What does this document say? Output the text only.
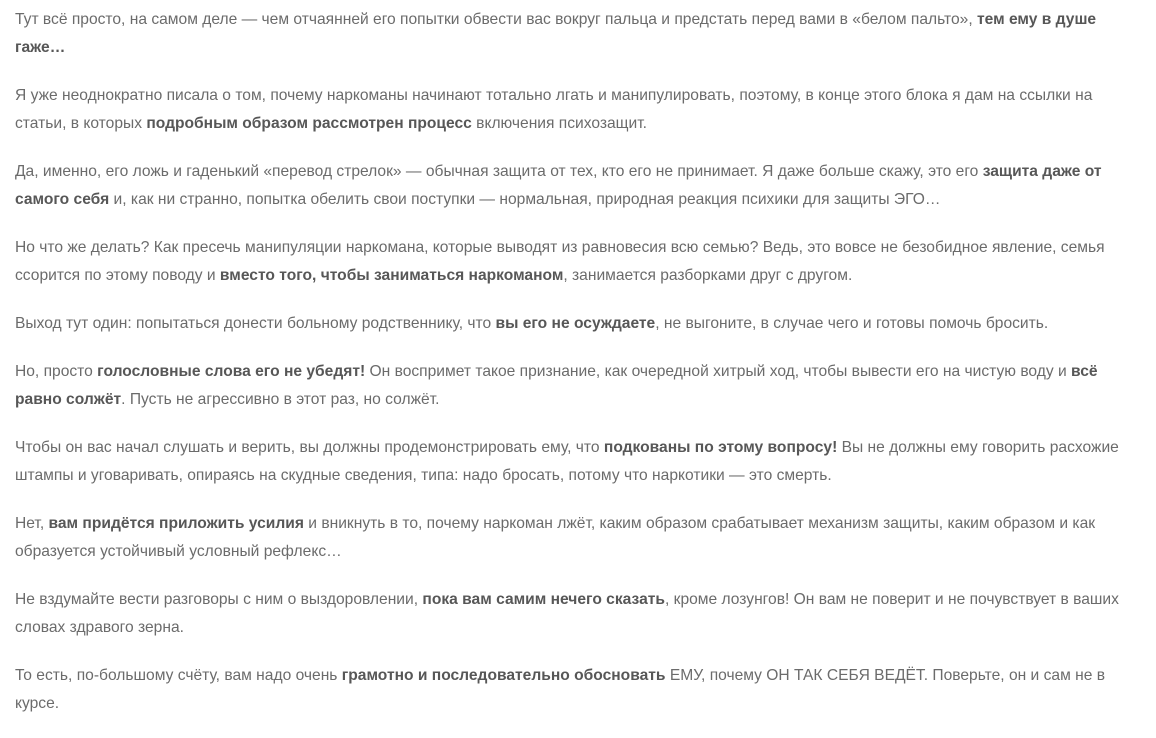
Тут всё просто, на самом деле — чем отчаянней его попытки обвести вас вокруг пальца и предстать перед вами в «белом пальто», тем ему в душе гаже…

Я уже неоднократно писала о том, почему наркоманы начинают тотально лгать и манипулировать, поэтому, в конце этого блока я дам на ссылки на статьи, в которых подробным образом рассмотрен процесс включения психозащит.

Да, именно, его ложь и гаденький «перевод стрелок» — обычная защита от тех, кто его не принимает. Я даже больше скажу, это его защита даже от самого себя и, как ни странно, попытка обелить свои поступки — нормальная, природная реакция психики для защиты ЭГО…

Но что же делать? Как пресечь манипуляции наркомана, которые выводят из равновесия всю семью? Ведь, это вовсе не безобидное явление, семья ссорится по этому поводу и вместо того, чтобы заниматься наркоманом, занимается разборками друг с другом.

Выход тут один: попытаться донести больному родственнику, что вы его не осуждаете, не выгоните, в случае чего и готовы помочь бросить.

Но, просто голословные слова его не убедят! Он воспримет такое признание, как очередной хитрый ход, чтобы вывести его на чистую воду и всё равно солжёт. Пусть не агрессивно в этот раз, но солжёт.

Чтобы он вас начал слушать и верить, вы должны продемонстрировать ему, что подкованы по этому вопросу! Вы не должны ему говорить расхожие штампы и уговаривать, опираясь на скудные сведения, типа: надо бросать, потому что наркотики — это смерть.

Нет, вам придётся приложить усилия и вникнуть в то, почему наркоман лжёт, каким образом срабатывает механизм защиты, каким образом и как образуется устойчивый условный рефлекс…

Не вздумайте вести разговоры с ним о выздоровлении, пока вам самим нечего сказать, кроме лозунгов! Он вам не поверит и не почувствует в ваших словах здравого зерна.

То есть, по-большому счёту, вам надо очень грамотно и последовательно обосновать ЕМУ, почему ОН ТАК СЕБЯ ВЕДЁТ. Поверьте, он и сам не в курсе.
